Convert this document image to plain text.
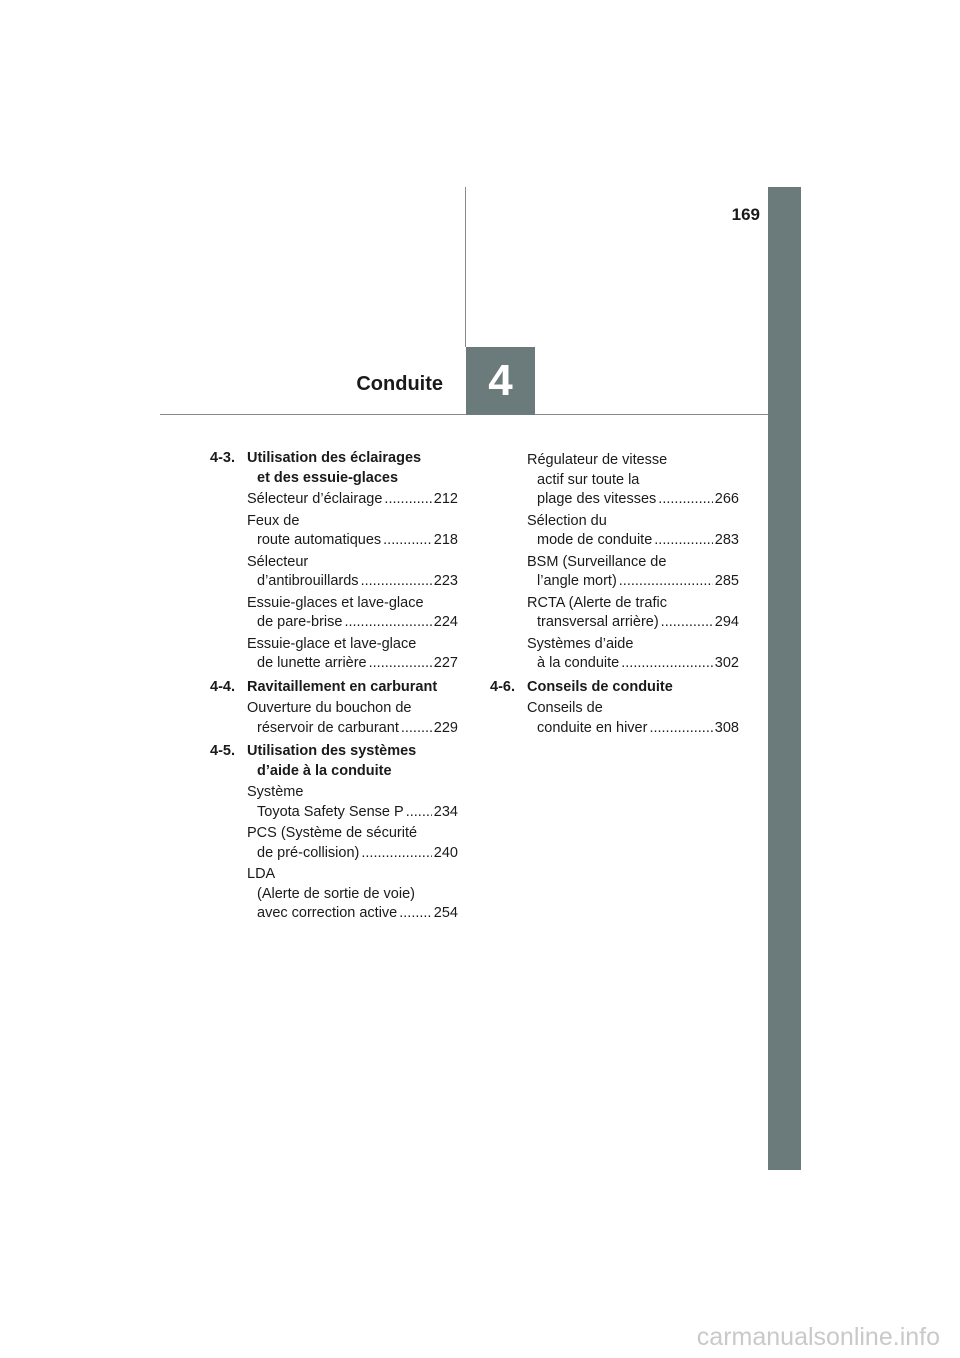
4
169
Conduite
4-3. Utilisation des éclairages
et des essuie-glaces
Sélecteur d’éclairage .....	212
Feux de
route automatiques .....	218
Sélecteur
d’antibrouillards .....	223
Essuie-glaces et lave-glace
de pare-brise .....	224
Essuie-glace et lave-glace
de lunette arrière .....	227
4-4. Ravitaillement en carburant
Ouverture du bouchon de
réservoir de carburant ..... 229
4-5. Utilisation des systèmes
d’aide à la conduite
Système
Toyota Safety Sense P ..... 234
PCS (Système de sécurité
de pré-collision) .....	240
LDA
(Alerte de sortie de voie)
avec correction active .....	254
Régulateur de vitesse
actif sur toute la
plage des vitesses .....	266
Sélection du
mode de conduite .....	283
BSM (Surveillance de
l’angle mort) .....	285
RCTA (Alerte de trafic
transversal arrière) .....	294
Systèmes d’aide
à la conduite .....	302
4-6. Conseils de conduite
Conseils de
conduite en hiver .....	308
carmanualsonline.info
